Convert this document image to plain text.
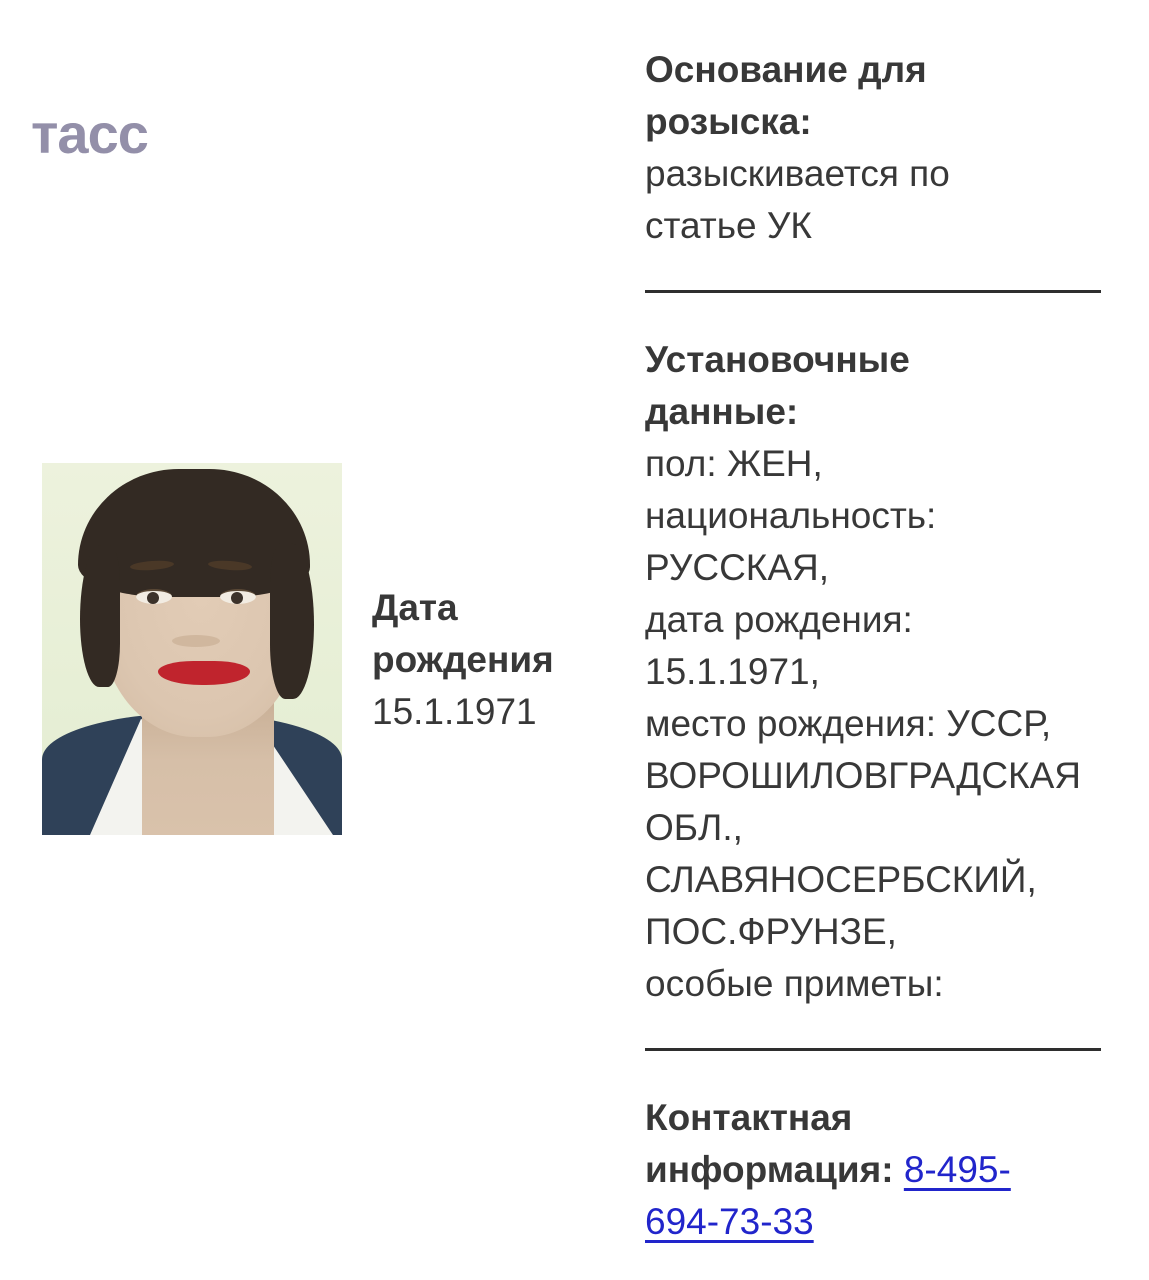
тасс
Дата
рождения
15.1.1971
Основание для
розыска:
разыскивается по
статье УК
Установочные
данные:
пол: ЖЕН,
национальность:
РУССКАЯ,
дата рождения:
15.1.1971,
место рождения: УССР,
ВОРОШИЛОВГРАДСКАЯ
ОБЛ.,
СЛАВЯНОСЕРБСКИЙ,
ПОС.ФРУНЗЕ,
особые приметы:
Контактная
информация: 8-495-
694-73-33
